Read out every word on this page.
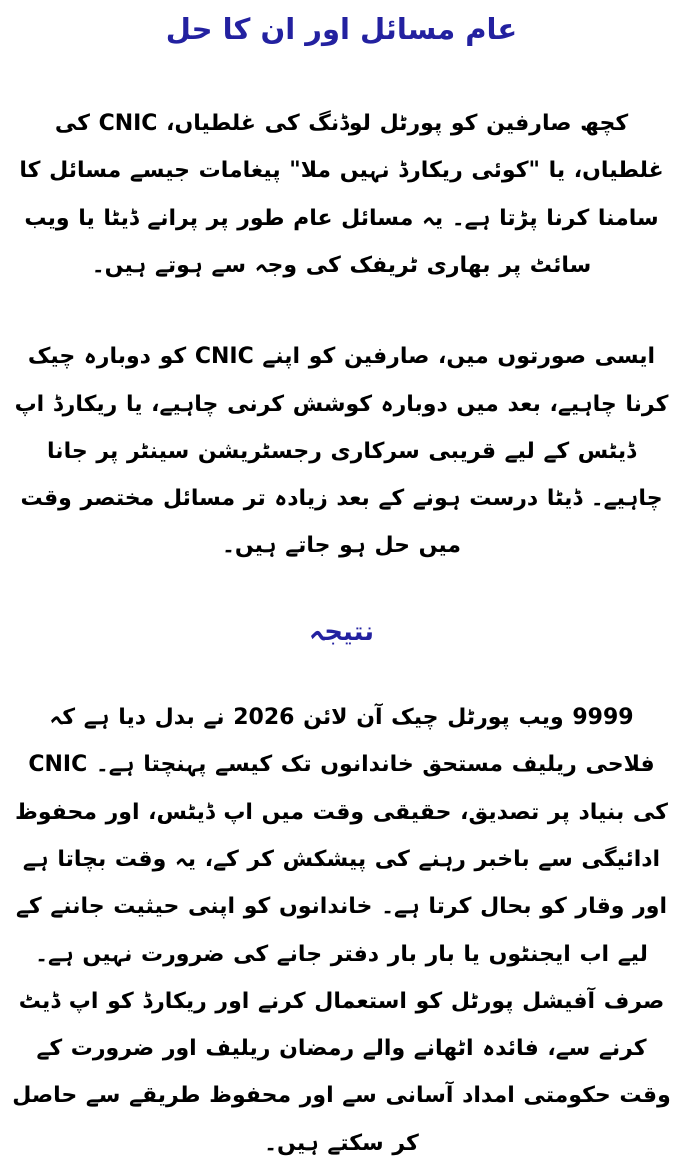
عام مسائل اور ان کا حل

کچھ صارفین کو پورٹل لوڈنگ کی غلطیاں، CNIC کی غلطیاں، یا "کوئی ریکارڈ نہیں ملا" پیغامات جیسے مسائل کا سامنا کرنا پڑتا ہے۔ یہ مسائل عام طور پر پرانے ڈیٹا یا ویب سائٹ پر بھاری ٹریفک کی وجہ سے ہوتے ہیں۔

ایسی صورتوں میں، صارفین کو اپنے CNIC کو دوبارہ چیک کرنا چاہیے، بعد میں دوبارہ کوشش کرنی چاہیے، یا ریکارڈ اپ ڈیٹس کے لیے قریبی سرکاری رجسٹریشن سینٹر پر جانا چاہیے۔ ڈیٹا درست ہونے کے بعد زیادہ تر مسائل مختصر وقت میں حل ہو جاتے ہیں۔

نتیجہ

9999 ویب پورٹل چیک آن لائن 2026 نے بدل دیا ہے کہ فلاحی ریلیف مستحق خاندانوں تک کیسے پہنچتا ہے۔ CNIC کی بنیاد پر تصدیق، حقیقی وقت میں اپ ڈیٹس، اور محفوظ ادائیگی سے باخبر رہنے کی پیشکش کر کے، یہ وقت بچاتا ہے اور وقار کو بحال کرتا ہے۔ خاندانوں کو اپنی حیثیت جاننے کے لیے اب ایجنٹوں یا بار بار دفتر جانے کی ضرورت نہیں ہے۔ صرف آفیشل پورٹل کو استعمال کرنے اور ریکارڈ کو اپ ڈیٹ کرنے سے، فائدہ اٹھانے والے رمضان ریلیف اور ضرورت کے وقت حکومتی امداد آسانی سے اور محفوظ طریقے سے حاصل کر سکتے ہیں۔
